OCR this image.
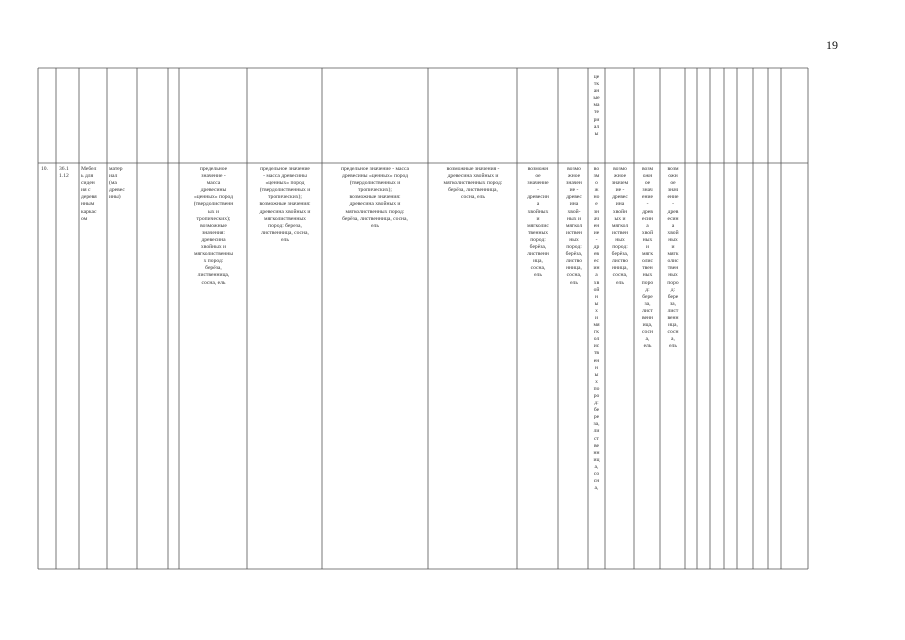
19
це
тк
ан
ые
ма
те
ри
ал
ы
10.	36.1
1.12
Мебел
ь для
сиден
ия с
деревя
нным
каркас
ом
матер
иал
(ма
древес
ины)
предельное
значение -
масса
древесины
«ценных» пород
(твердолиственн
ых и
тропических);
возможные
значения:
древесина
хвойных и
мягколиственны
х пород:
берёза,
лиственница,
сосна, ель
предельное значение
- масса древесины
«ценных» пород
(твердолиственных и
тропических);
возможные значения:
древесина хвойных и
мягколиственных
пород: береза,
лиственница, сосна,
ель
предельное значение - масса
древесины «ценных» пород
(твердолиственных и
тропических);
возможные значения:
древесина хвойных и
мягколиственных пород:
берёза, лиственница, сосна,
ель
возможные значения -
древесина хвойных и
мягколиственных пород:
берёза, лиственница,
сосна, ель
возможн
ое
значение
-
древесин
а
хвойных
и
мягколис
твенных
пород:
берёза,
лиственн
ица,
сосна,
ель
возмо
жное
значен
ие -
древес
ина
хвой-
ных и
мягкол
иствен
ных
пород:
берёза,
листво
нница,
сосна,
ель
во
зм
о
ж
но
е
зн
ач
ен
ие
-
др
ев
ес
ин
а
хв
ой
н
ы
х
и
мя
гк
ол
ис
тв
ен
н
ы
х
по
ро
д:
бе
ре
за,
ли
ст
ве
нн
иц
а,
со
сн
а,
возмо
жное
значем
ие -
древес
ина
хвойн
ых и
мягкол
иствен
ных
пород:
берёза,
листво
нница,
сосна,
ель
возм
ожн
ое
знач
ение
-
древ
есин
а
хвой
ных
и
мягк
олис
твен
ных
поро
д:
бере
за,
лист
венн
ица,
сосн
а,
ель
возм
ожн
ое
знач
ение
-
древ
есин
а
хвой
ных
и
мягк
олис
твен
ных
поро
д:
бере
за,
лист
венн
ица,
сосн
а,
ель
